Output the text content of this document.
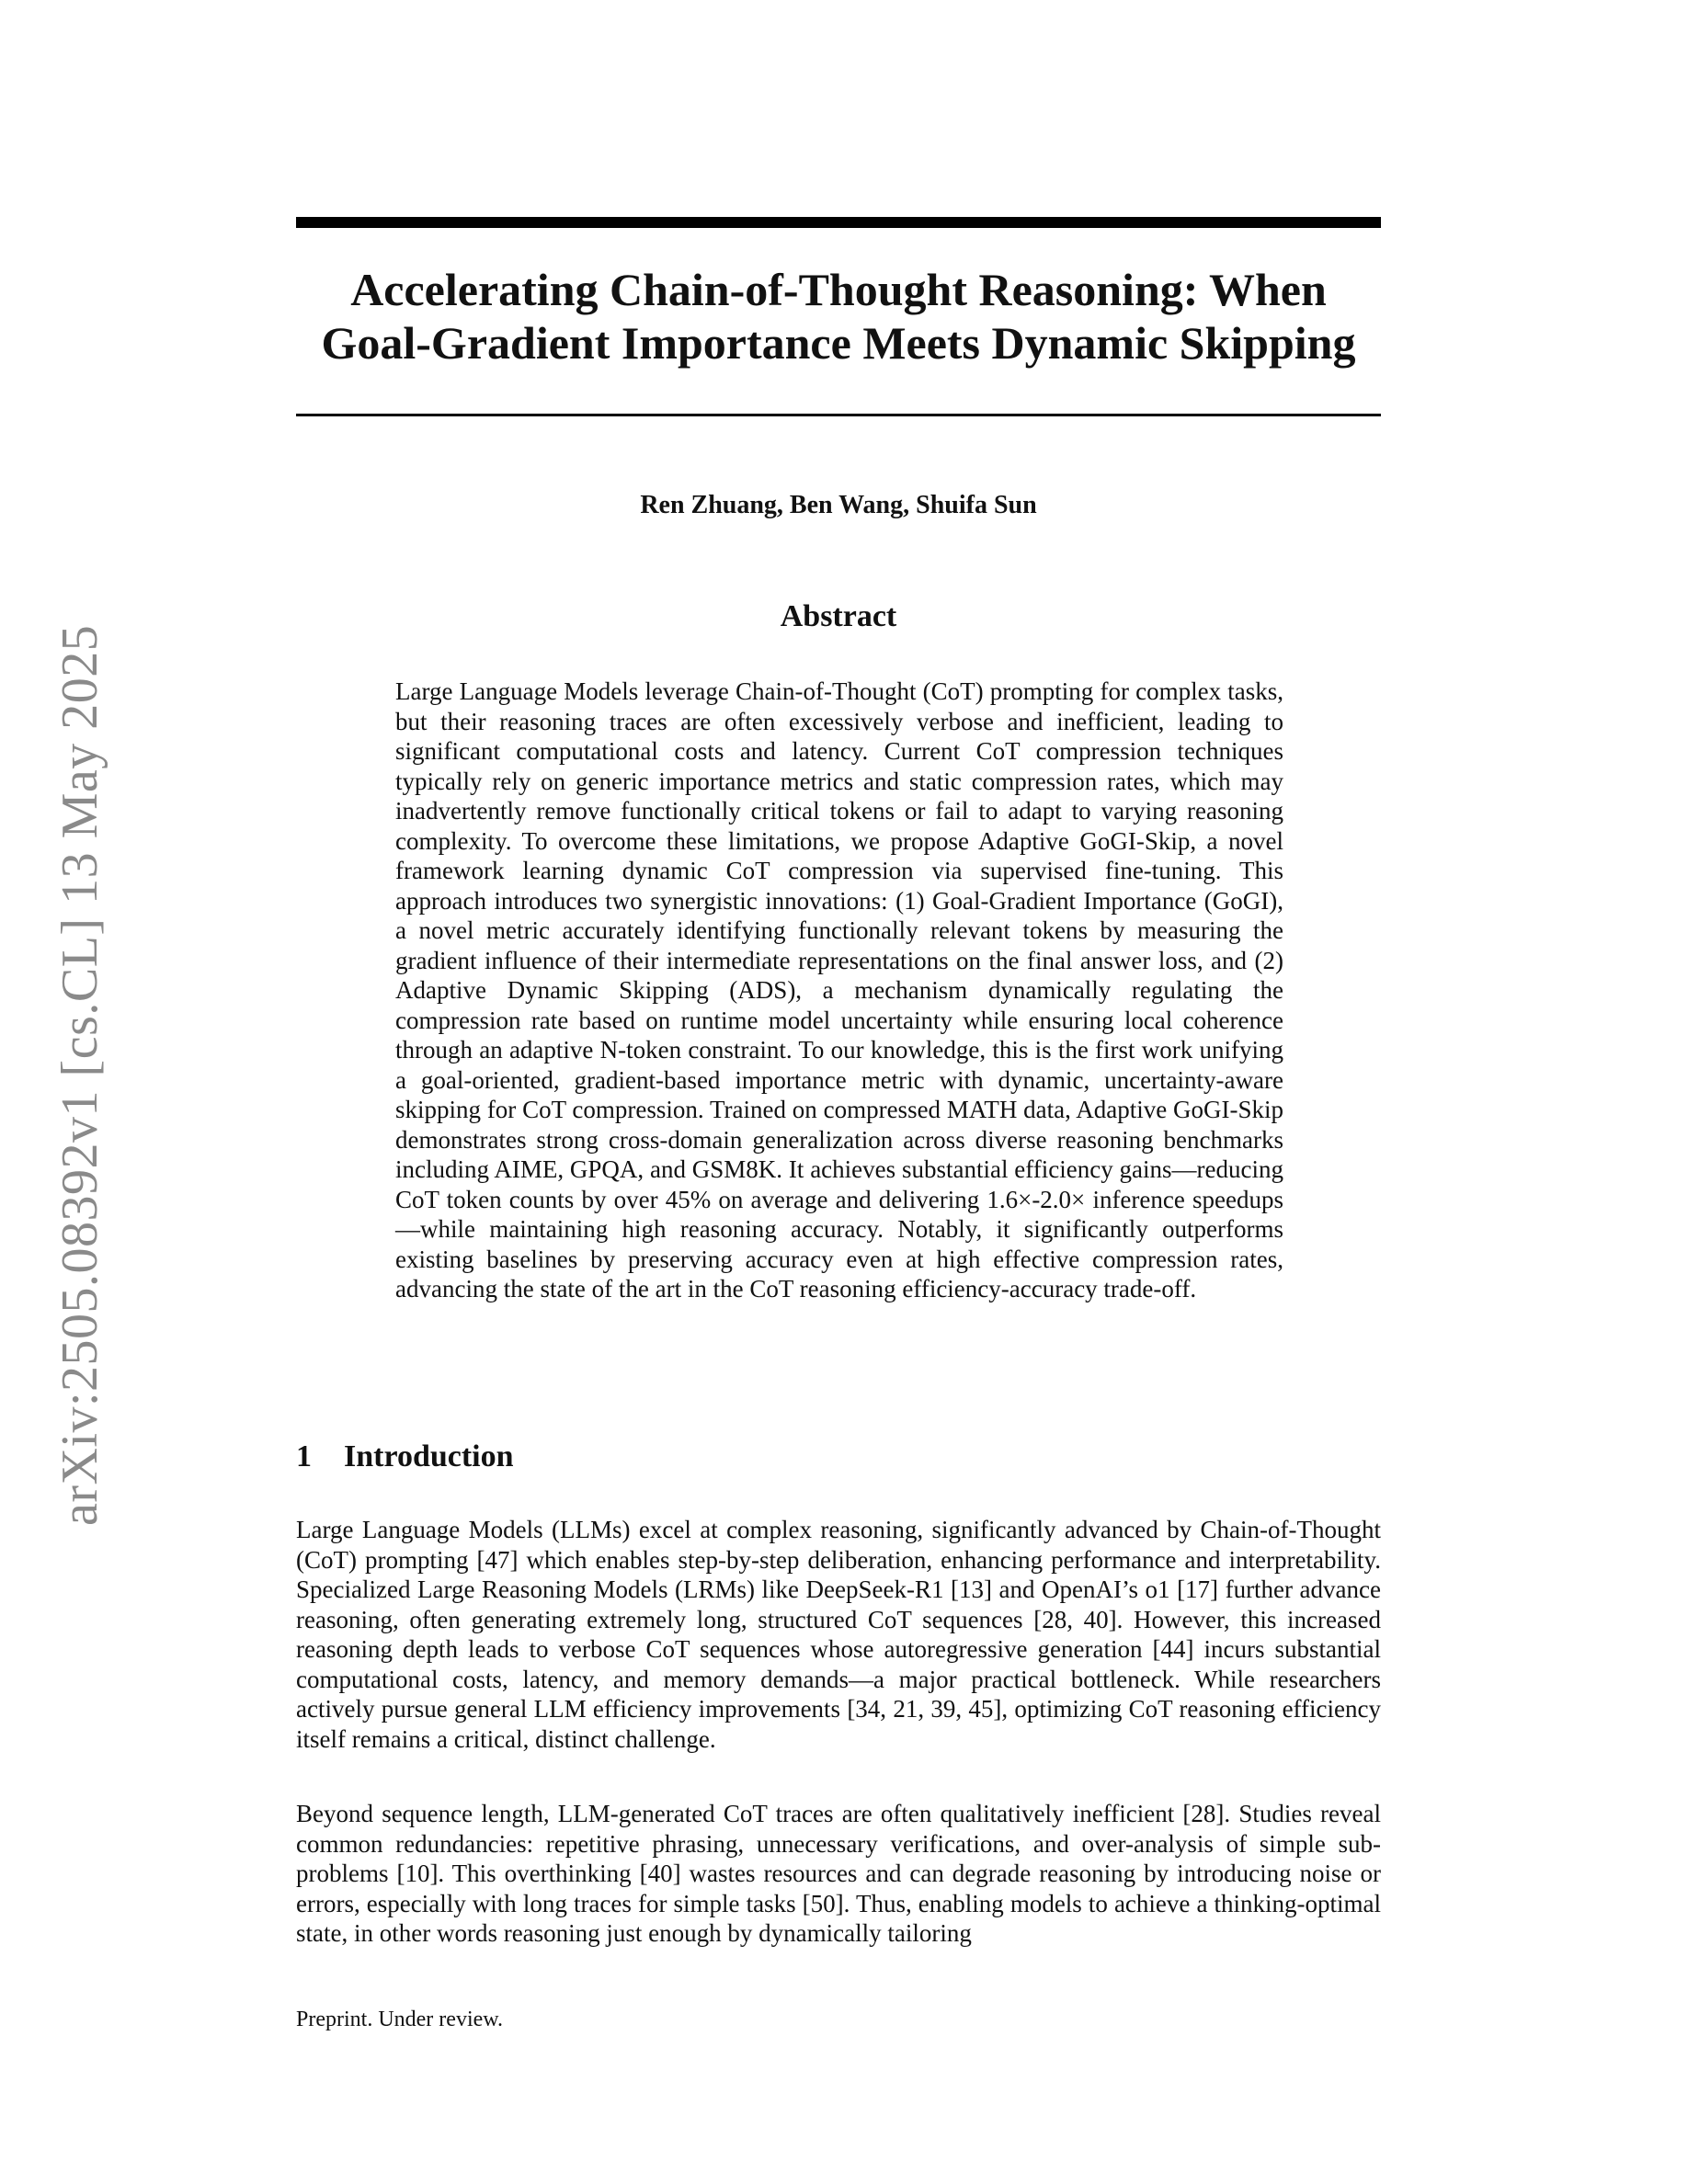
arXiv:2505.08392v1 [cs.CL] 13 May 2025
Accelerating Chain-of-Thought Reasoning: When
Goal-Gradient Importance Meets Dynamic Skipping
Ren Zhuang, Ben Wang, Shuifa Sun
Abstract

Large Language Models leverage Chain-of-Thought (CoT) prompting for complex tasks, but their reasoning traces are often excessively verbose and inefficient, leading to significant computational costs and latency. Current CoT compression techniques typically rely on generic importance metrics and static compression rates, which may inadvertently remove functionally critical tokens or fail to adapt to varying reasoning complexity. To overcome these limitations, we propose Adaptive GoGI-Skip, a novel framework learning dynamic CoT compression via supervised fine-tuning. This approach introduces two synergistic innovations: (1) Goal-Gradient Importance (GoGI), a novel metric accurately identifying functionally relevant tokens by measuring the gradient influence of their intermediate representations on the final answer loss, and (2) Adaptive Dynamic Skipping (ADS), a mechanism dynamically regulating the compression rate based on runtime model uncertainty while ensuring local coherence through an adaptive N-token constraint. To our knowledge, this is the first work unifying a goal-oriented, gradient-based importance metric with dynamic, uncertainty-aware skipping for CoT compression. Trained on compressed MATH data, Adaptive GoGI-Skip demonstrates strong cross-domain generalization across diverse reasoning benchmarks including AIME, GPQA, and GSM8K. It achieves substantial efficiency gains—reducing CoT token counts by over 45% on average and delivering 1.6×-2.0× inference speedups—while maintaining high reasoning accuracy. Notably, it significantly outperforms existing baselines by preserving accuracy even at high effective compression rates, advancing the state of the art in the CoT reasoning efficiency-accuracy trade-off.

1 Introduction

Large Language Models (LLMs) excel at complex reasoning, significantly advanced by Chain-of-Thought (CoT) prompting [47] which enables step-by-step deliberation, enhancing performance and interpretability. Specialized Large Reasoning Models (LRMs) like DeepSeek-R1 [13] and OpenAI’s o1 [17] further advance reasoning, often generating extremely long, structured CoT sequences [28, 40]. However, this increased reasoning depth leads to verbose CoT sequences whose autoregressive generation [44] incurs substantial computational costs, latency, and memory demands—a major practical bottleneck. While researchers actively pursue general LLM efficiency improvements [34, 21, 39, 45], optimizing CoT reasoning efficiency itself remains a critical, distinct challenge.

Beyond sequence length, LLM-generated CoT traces are often qualitatively inefficient [28]. Studies reveal common redundancies: repetitive phrasing, unnecessary verifications, and over-analysis of simple sub-problems [10]. This overthinking [40] wastes resources and can degrade reasoning by introducing noise or errors, especially with long traces for simple tasks [50]. Thus, enabling models to achieve a thinking-optimal state, in other words reasoning just enough by dynamically tailoring

Preprint. Under review.
